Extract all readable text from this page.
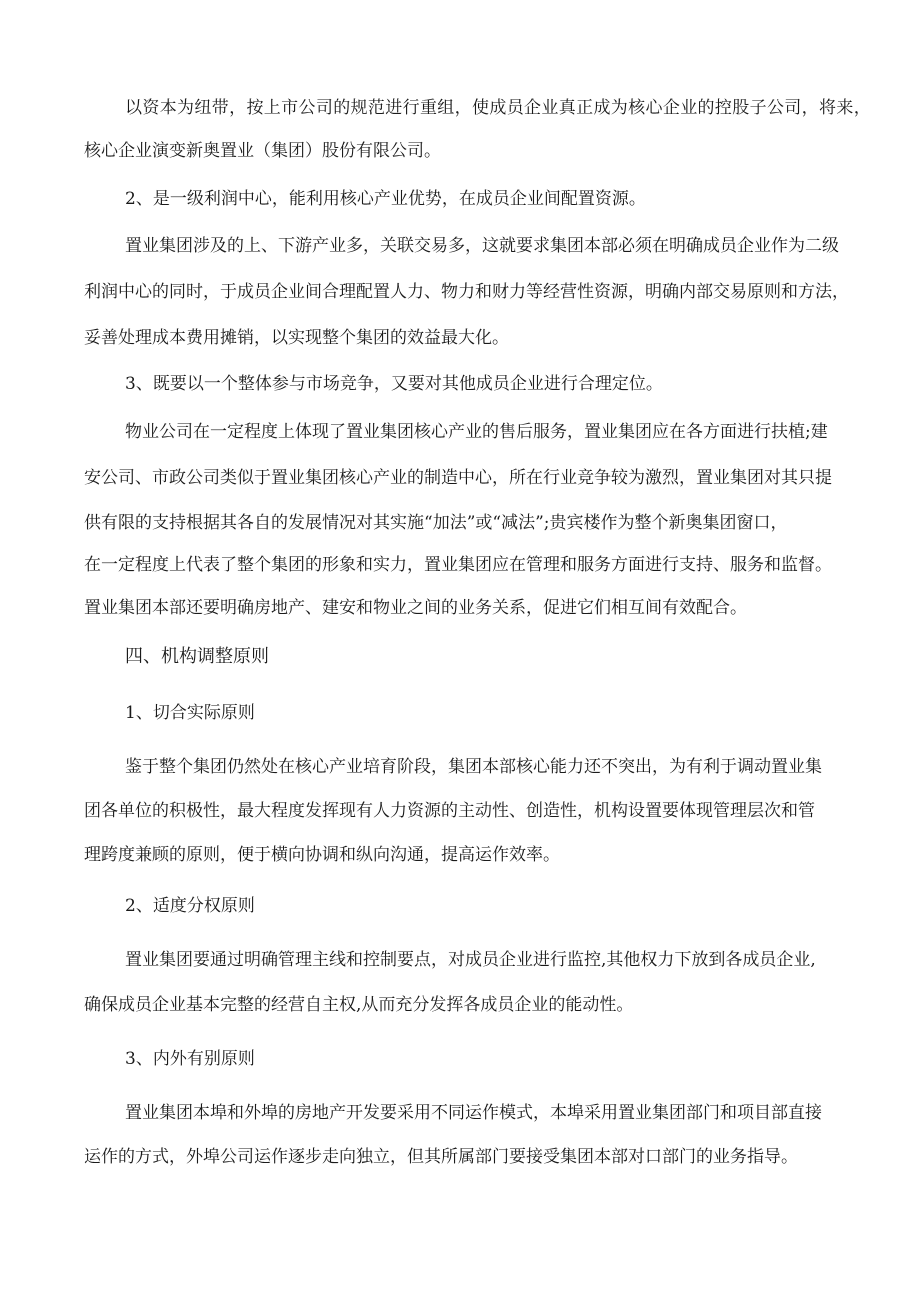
以资本为纽带，按上市公司的规范进行重组，使成员企业真正成为核心企业的控股子公司，将来，
核心企业演变新奥置业（集团）股份有限公司。
2、是一级利润中心，能利用核心产业优势，在成员企业间配置资源。
置业集团涉及的上、下游产业多，关联交易多，这就要求集团本部必须在明确成员企业作为二级
利润中心的同时，于成员企业间合理配置人力、物力和财力等经营性资源，明确内部交易原则和方法，
妥善处理成本费用摊销，以实现整个集团的效益最大化。
3、既要以一个整体参与市场竞争，又要对其他成员企业进行合理定位。
物业公司在一定程度上体现了置业集团核心产业的售后服务，置业集团应在各方面进行扶植;建
安公司、市政公司类似于置业集团核心产业的制造中心，所在行业竞争较为激烈，置业集团对其只提
供有限的支持根据其各自的发展情况对其实施“加法”或“减法”;贵宾楼作为整个新奥集团窗口，
在一定程度上代表了整个集团的形象和实力，置业集团应在管理和服务方面进行支持、服务和监督。
置业集团本部还要明确房地产、建安和物业之间的业务关系，促进它们相互间有效配合。
四、机构调整原则
1、切合实际原则
鉴于整个集团仍然处在核心产业培育阶段，集团本部核心能力还不突出，为有利于调动置业集
团各单位的积极性，最大程度发挥现有人力资源的主动性、创造性，机构设置要体现管理层次和管
理跨度兼顾的原则，便于横向协调和纵向沟通，提高运作效率。
2、适度分权原则
置业集团要通过明确管理主线和控制要点，对成员企业进行监控,其他权力下放到各成员企业,
确保成员企业基本完整的经营自主权,从而充分发挥各成员企业的能动性。
3、内外有别原则
置业集团本埠和外埠的房地产开发要采用不同运作模式，本埠采用置业集团部门和项目部直接
运作的方式，外埠公司运作逐步走向独立，但其所属部门要接受集团本部对口部门的业务指导。
